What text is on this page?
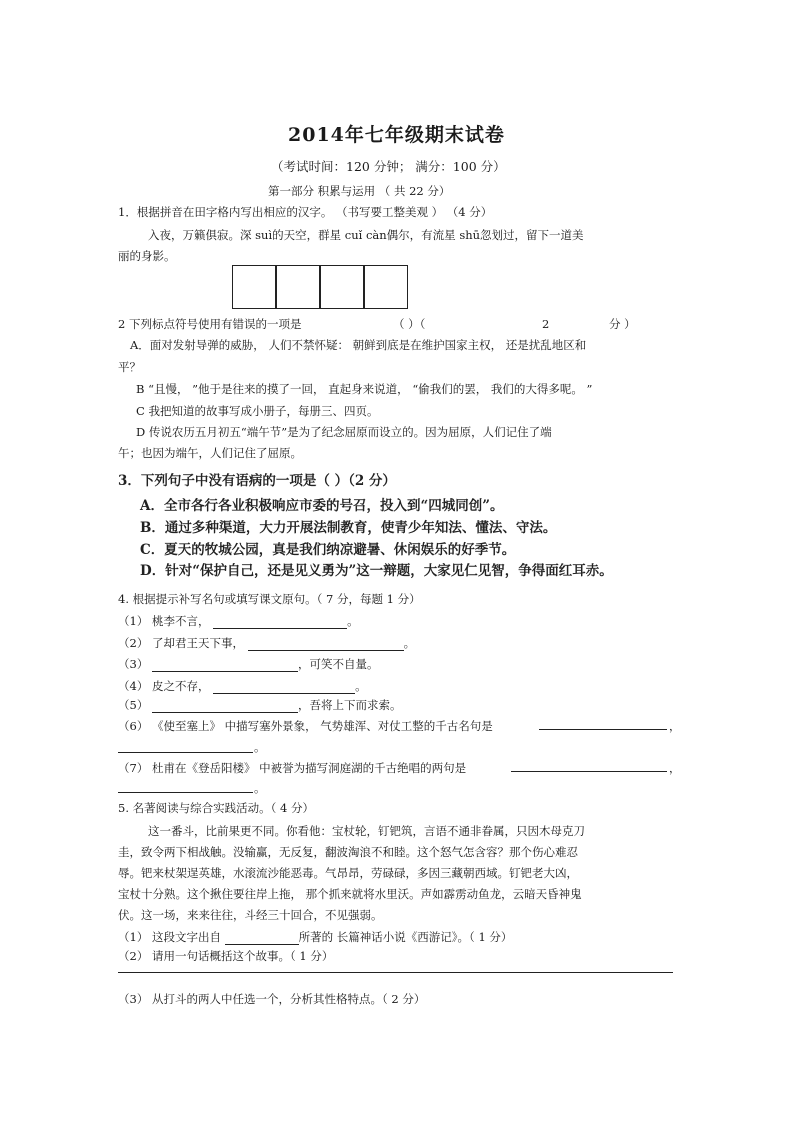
2014年七年级期末试卷
（考试时间：120 分钟； 满分：100 分）
第一部分 积累与运用 （ 共 22 分）
1．根据拼音在田字格内写出相应的汉字。 （书写要工整美观 ） （4 分）
入夜，万籁俱寂。深 suì的天空，群星 cuǐ càn偶尔，有流星 shū忽划过，留下一道美
丽的身影。
2 下列标点符号使用有错误的一项是	（ ）（	2	分 ）
A．面对发射导弹的威胁， 人们不禁怀疑： 朝鲜到底是在维护国家主权， 还是扰乱地区和
平？
B “且慢， ”他于是往来的摸了一回， 直起身来说道， “偷我们的罢， 我们的大得多呢。 ”
C 我把知道的故事写成小册子，每册三、四页。
D 传说农历五月初五“端午节”是为了纪念屈原而设立的。因为屈原，人们记住了端
午；也因为端午，人们记住了屈原。
3．下列句子中没有语病的一项是（ ）（2 分）
A．全市各行各业积极响应市委的号召，投入到“四城同创”。
B．通过多种渠道，大力开展法制教育，使青少年知法、懂法、守法。
C．夏天的牧城公园，真是我们纳凉避暑、休闲娱乐的好季节。
D．针对“保护自己，还是见义勇为”这一辩题，大家见仁见智，争得面红耳赤。
4. 根据提示补写名句或填写课文原句。（ 7 分，每题 1 分）
（1） 桃李不言，	。
（2） 了却君王天下事，	。
（3）	，可笑不自量。
（4） 皮之不存，	。
（5）	，吾将上下而求索。
（6） 《使至塞上》 中描写塞外景象， 气势雄浑、对仗工整的千古名句是	，
。
（7） 杜甫在《登岳阳楼》 中被誉为描写洞庭湖的千古绝唱的两句是	，
。
5. 名著阅读与综合实践活动。（ 4 分）
这一番斗，比前果更不同。你看他：宝杖轮，钉钯筑，言语不通非眷属，只因木母克刀
圭，致令两下相战触。没输赢，无反复，翻波淘浪不和睦。这个怒气怎含容？那个伤心难忍
辱。钯来杖架逞英雄，水滚流沙能恶毒。气昂昂，劳碌碌，多因三藏朝西域。钉钯老大凶，
宝杖十分熟。这个揪住要往岸上拖， 那个抓来就将水里沃。声如霹雳动鱼龙，云暗天昏神鬼
伏。这一场，来来往往，斗经三十回合，不见强弱。
（1） 这段文字出自	所著的 长篇神话小说《西游记》。（ 1 分）
（2） 请用一句话概括这个故事。（ 1 分）
（3） 从打斗的两人中任选一个，分析其性格特点。（ 2 分）
